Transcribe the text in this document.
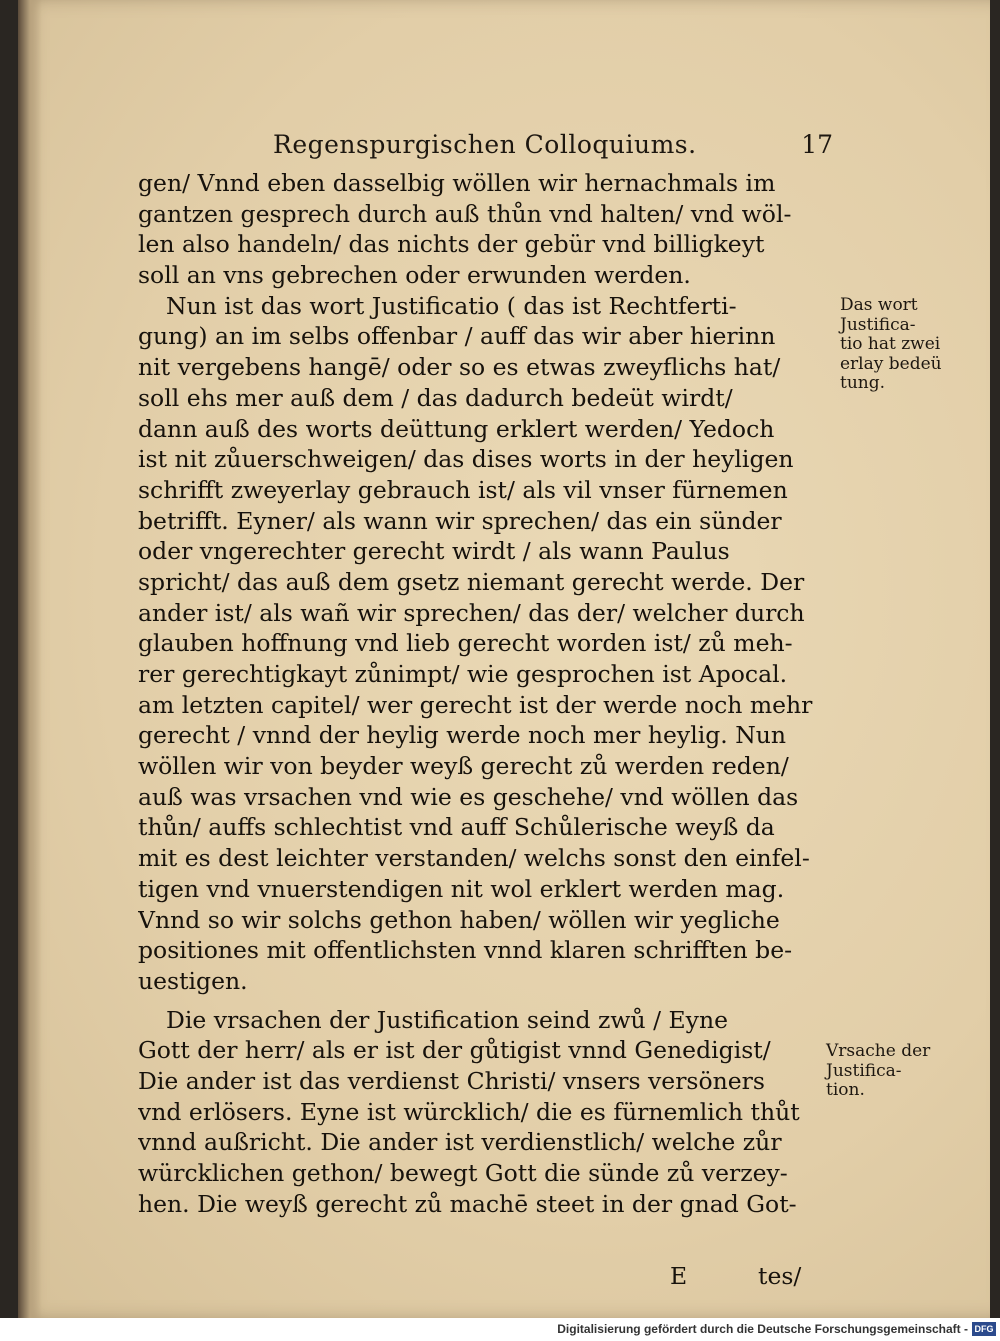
Regenspurgischen Colloquiums.	17
gen/ Vnnd eben dasselbig wöllen wir hernachmals im
gantzen gesprech durch auß thůn vnd halten/ vnd wöl-
len also handeln/ das nichts der gebür vnd billigkeyt
soll an vns gebrechen oder erwunden werden.
Nun ist das wort Justificatio ( das ist Rechtferti-
gung) an im selbs offenbar / auff das wir aber hierinn
nit vergebens hangē/ oder so es etwas zweyflichs hat/
soll ehs mer auß dem / das dadurch bedeüt wirdt/
dann auß des worts deüttung erklert werden/ Yedoch
ist nit zůuerschweigen/ das dises worts in der heyligen
schrifft zweyerlay gebrauch ist/ als vil vnser fürnemen
betrifft. Eyner/ als wann wir sprechen/ das ein sünder
oder vngerechter gerecht wirdt / als wann Paulus
spricht/ das auß dem gsetz niemant gerecht werde. Der
ander ist/ als wañ wir sprechen/ das der/ welcher durch
glauben hoffnung vnd lieb gerecht worden ist/ zů meh-
rer gerechtigkayt zůnimpt/ wie gesprochen ist Apocal.
am letzten capitel/ wer gerecht ist der werde noch mehr
gerecht / vnnd der heylig werde noch mer heylig. Nun
wöllen wir von beyder weyß gerecht zů werden reden/
auß was vrsachen vnd wie es geschehe/ vnd wöllen das
thůn/ auffs schlechtist vnd auff Schůlerische weyß da
mit es dest leichter verstanden/ welchs sonst den einfel-
tigen vnd vnuerstendigen nit wol erklert werden mag.
Vnnd so wir solchs gethon haben/ wöllen wir yegliche
positiones mit offentlichsten vnnd klaren schrifften be-
uestigen.
Die vrsachen der Justification seind zwů / Eyne
Gott der herr/ als er ist der gůtigist vnnd Genedigist/
Die ander ist das verdienst Christi/ vnsers versöners
vnd erlösers. Eyne ist würcklich/ die es fürnemlich thůt
vnnd außricht. Die ander ist verdienstlich/ welche zůr
würcklichen gethon/ bewegt Gott die sünde zů verzey-
hen. Die weyß gerecht zů machē steet in der gnad Got-
Das wort
Justifica-
tio hat zwei
erlay bedeü
tung.
Vrsache der
Justifica-
tion.
E	tes/
Digitalisierung gefördert durch die Deutsche Forschungsgemeinschaft - DFG
